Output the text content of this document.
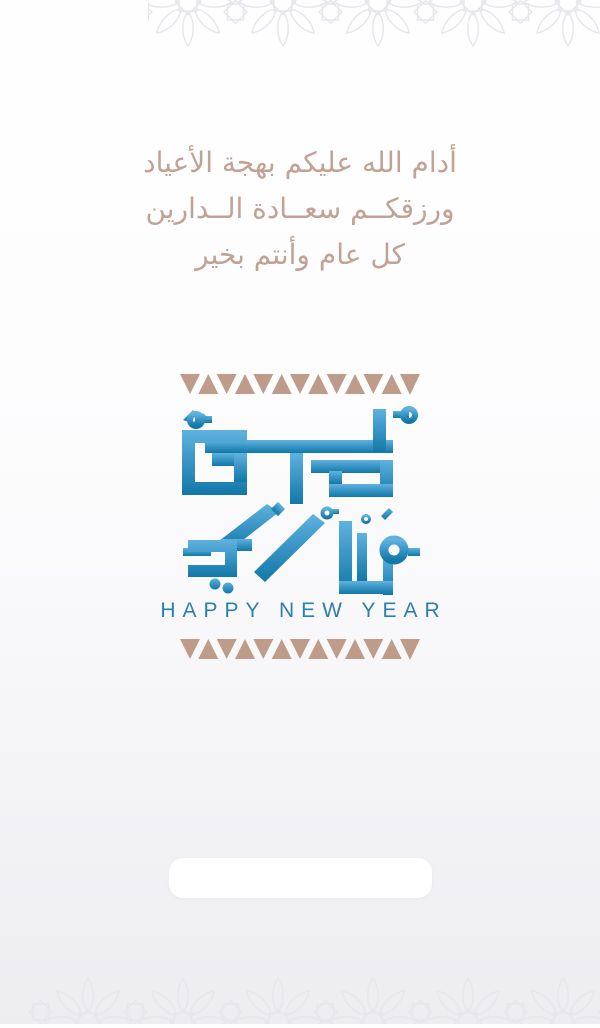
أدام الله عليكم بهجة الأعياد
ورزقكــم سعــادة الــدارين
كل عام وأنتم بخير
HAPPY NEW YEAR
